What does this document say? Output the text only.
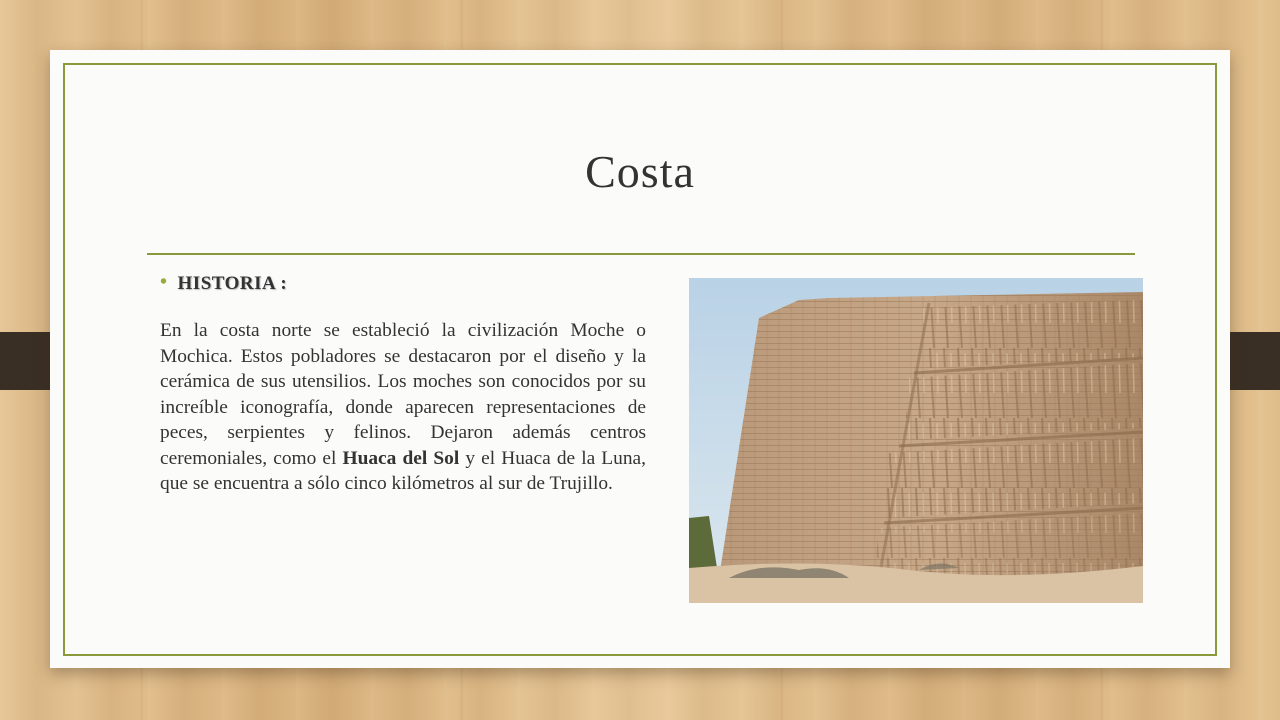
Costa
• HISTORIA :

En la costa norte se estableció la civilización Moche o Mochica. Estos pobladores se destacaron por el diseño y la cerámica de sus utensilios. Los moches son conocidos por su increíble iconografía, donde aparecen representaciones de peces, serpientes y felinos. Dejaron además centros ceremoniales, como el Huaca del Sol y el Huaca de la Luna, que se encuentra a sólo cinco kilómetros al sur de Trujillo.
